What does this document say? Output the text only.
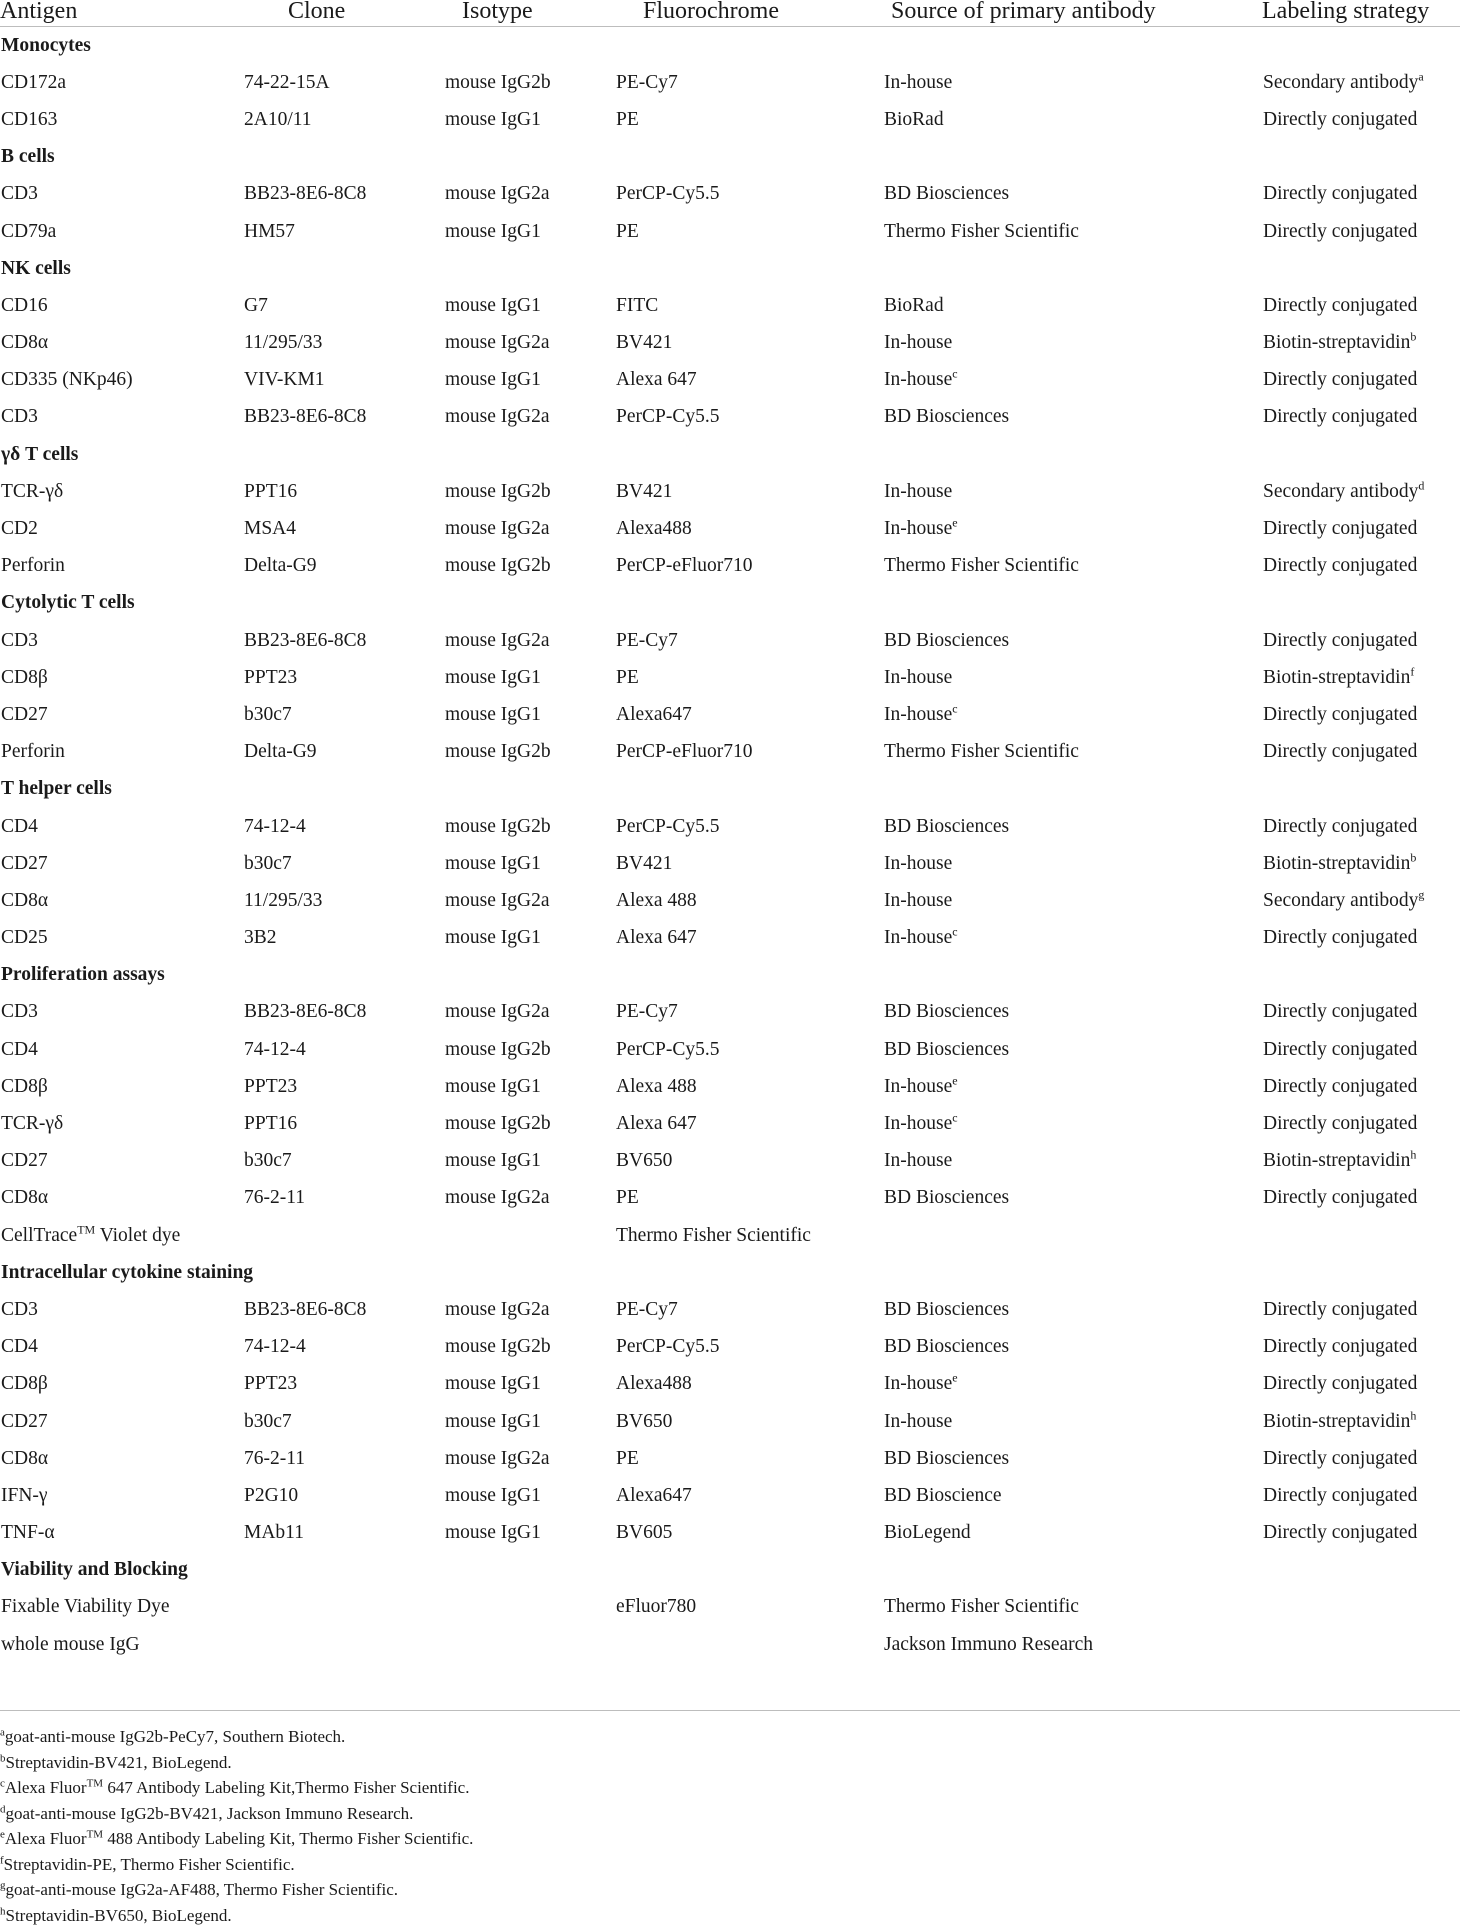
Antigen	Clone	Isotype	Fluorochrome	Source of primary antibody	Labeling strategy

Monocytes					
CD172a	74-22-15A	mouse IgG2b	PE-Cy7	In-house	Secondary antibody$^a$
CD163	2A10/11	mouse IgG1	PE	BioRad	Directly conjugated
B cells					
CD3	BB23-8E6-8C8	mouse IgG2a	PerCP-Cy5.5	BD Biosciences	Directly conjugated
CD79a	HM57	mouse IgG1	PE	Thermo Fisher Scientific	Directly conjugated
NK cells					
CD16	G7	mouse IgG1	FITC	BioRad	Directly conjugated
CD8α	11/295/33	mouse IgG2a	BV421	In-house	Biotin-streptavidin$^b$
CD335 (NKp46)	VIV-KM1	mouse IgG1	Alexa 647	In-house$^c$	Directly conjugated
CD3	BB23-8E6-8C8	mouse IgG2a	PerCP-Cy5.5	BD Biosciences	Directly conjugated
γδ T cells					
TCR-γδ	PPT16	mouse IgG2b	BV421	In-house	Secondary antibody$^d$
CD2	MSA4	mouse IgG2a	Alexa488	In-house$^e$	Directly conjugated
Perforin	Delta-G9	mouse IgG2b	PerCP-eFluor710	Thermo Fisher Scientific	Directly conjugated
Cytolytic T cells					
CD3	BB23-8E6-8C8	mouse IgG2a	PE-Cy7	BD Biosciences	Directly conjugated
CD8β	PPT23	mouse IgG1	PE	In-house	Biotin-streptavidin$^f$
CD27	b30c7	mouse IgG1	Alexa647	In-house$^c$	Directly conjugated
Perforin	Delta-G9	mouse IgG2b	PerCP-eFluor710	Thermo Fisher Scientific	Directly conjugated
T helper cells					
CD4	74-12-4	mouse IgG2b	PerCP-Cy5.5	BD Biosciences	Directly conjugated
CD27	b30c7	mouse IgG1	BV421	In-house	Biotin-streptavidin$^b$
CD8α	11/295/33	mouse IgG2a	Alexa 488	In-house	Secondary antibody$^g$
CD25	3B2	mouse IgG1	Alexa 647	In-house$^c$	Directly conjugated
Proliferation assays					
CD3	BB23-8E6-8C8	mouse IgG2a	PE-Cy7	BD Biosciences	Directly conjugated
CD4	74-12-4	mouse IgG2b	PerCP-Cy5.5	BD Biosciences	Directly conjugated
CD8β	PPT23	mouse IgG1	Alexa 488	In-house$^e$	Directly conjugated
TCR-γδ	PPT16	mouse IgG2b	Alexa 647	In-house$^c$	Directly conjugated
CD27	b30c7	mouse IgG1	BV650	In-house	Biotin-streptavidin$^h$
CD8α	76-2-11	mouse IgG2a	PE	BD Biosciences	Directly conjugated
CellTrace™ Violet dye			Thermo Fisher Scientific		
Intracellular cytokine staining					
CD3	BB23-8E6-8C8	mouse IgG2a	PE-Cy7	BD Biosciences	Directly conjugated
CD4	74-12-4	mouse IgG2b	PerCP-Cy5.5	BD Biosciences	Directly conjugated
CD8β	PPT23	mouse IgG1	Alexa488	In-house$^e$	Directly conjugated
CD27	b30c7	mouse IgG1	BV650	In-house	Biotin-streptavidin$^h$
CD8α	76-2-11	mouse IgG2a	PE	BD Biosciences	Directly conjugated
IFN-γ	P2G10	mouse IgG1	Alexa647	BD Bioscience	Directly conjugated
TNF-α	MAb11	mouse IgG1	BV605	BioLegend	Directly conjugated
Viability and Blocking					
Fixable Viability Dye			eFluor780	Thermo Fisher Scientific	
whole mouse IgG				Jackson Immuno Research	
$^a$goat-anti-mouse IgG2b-PeCy7, Southern Biotech.
$^b$Streptavidin-BV421, BioLegend.
$^c$Alexa Fluor™ 647 Antibody Labeling Kit,Thermo Fisher Scientific.
$^d$goat-anti-mouse IgG2b-BV421, Jackson Immuno Research.
$^e$Alexa Fluor™ 488 Antibody Labeling Kit, Thermo Fisher Scientific.
$^f$Streptavidin-PE, Thermo Fisher Scientific.
$^g$goat-anti-mouse IgG2a-AF488, Thermo Fisher Scientific.
$^h$Streptavidin-BV650, BioLegend.
